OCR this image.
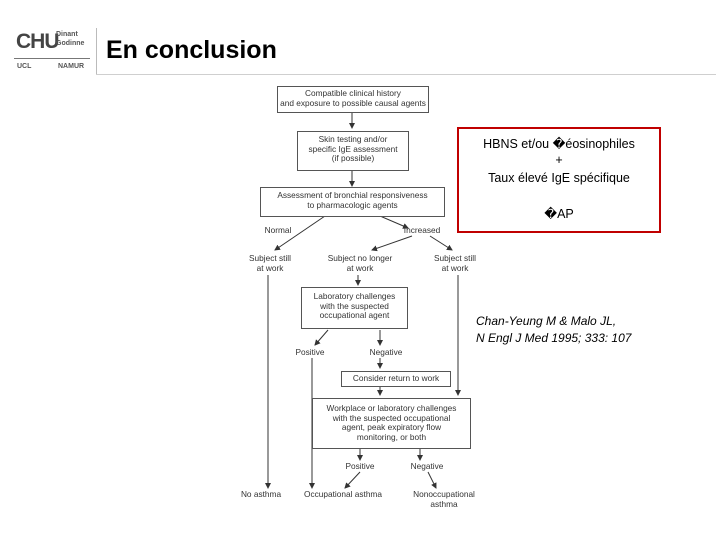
CHU
Dinant
Godinne
UCL	NAMUR
En conclusion
Compatible clinical history
and exposure to possible causal agents
Skin testing and/or
specific IgE assessment
(if possible)
Assessment of bronchial responsiveness
to pharmacologic agents
Normal	Increased
Subject still
at work
Subject no longer
at work
Subject still
at work
Laboratory challenges
with the suspected
occupational agent
Positive	Negative
Consider return to work
Workplace or laboratory challenges
with the suspected occupational
agent, peak expiratory flow
monitoring, or both
Positive	Negative
No asthma	Occupational asthma	Nonoccupational
asthma
HBNS et/ou �éosinophiles
+
Taux élevé IgE spécifique
�AP
Chan-Yeung M & Malo JL,
N Engl J Med 1995; 333: 107
